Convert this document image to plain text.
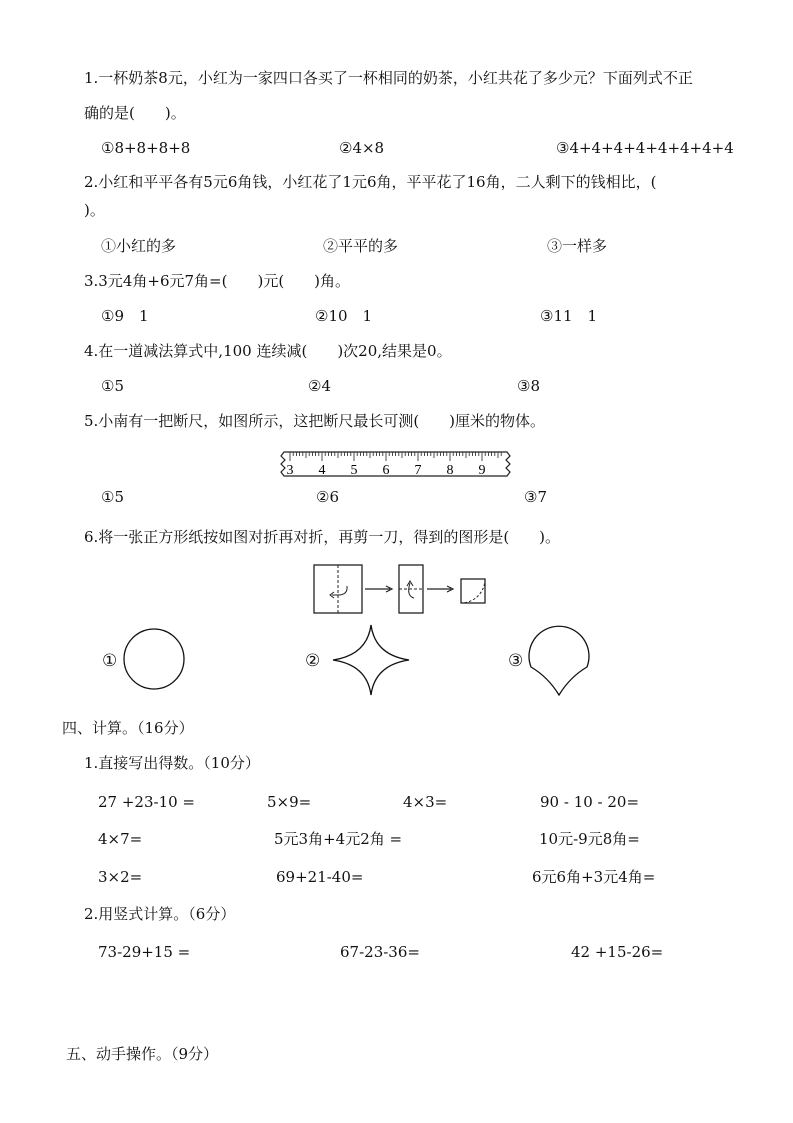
1.一杯奶茶8元，小红为一家四口各买了一杯相同的奶茶，小红共花了多少元？下面列式不正
确的是(　　)。
①8+8+8+8	②4×8	③4+4+4+4+4+4+4+4
2.小红和平平各有5元6角钱，小红花了1元6角，平平花了16角，二人剩下的钱相比，(
)。
①小红的多	②平平的多	③一样多
3.3元4角+6元7角=(　　)元(　　)角。
①9　1	②10　1	③11　1
4.在一道减法算式中,100 连续减(　　)次20,结果是0。
①5	②4	③8
5.小南有一把断尺，如图所示，这把断尺最长可测(　　)厘米的物体。
3 4 5 6 7 8 9
①5	②6	③7
6.将一张正方形纸按如图对折再对折，再剪一刀，得到的图形是(　　)。
①	②	③
四、计算。（16分）
1.直接写出得数。（10分）
27 +23-10 =	5×9=	4×3=	90 - 10 - 20=
4×7=	5元3角+4元2角 =	10元-9元8角=
3×2=	69+21-40=	6元6角+3元4角=
2.用竖式计算。（6分）
73-29+15 =	67-23-36=	42 +15-26=
五、动手操作。（9分）
